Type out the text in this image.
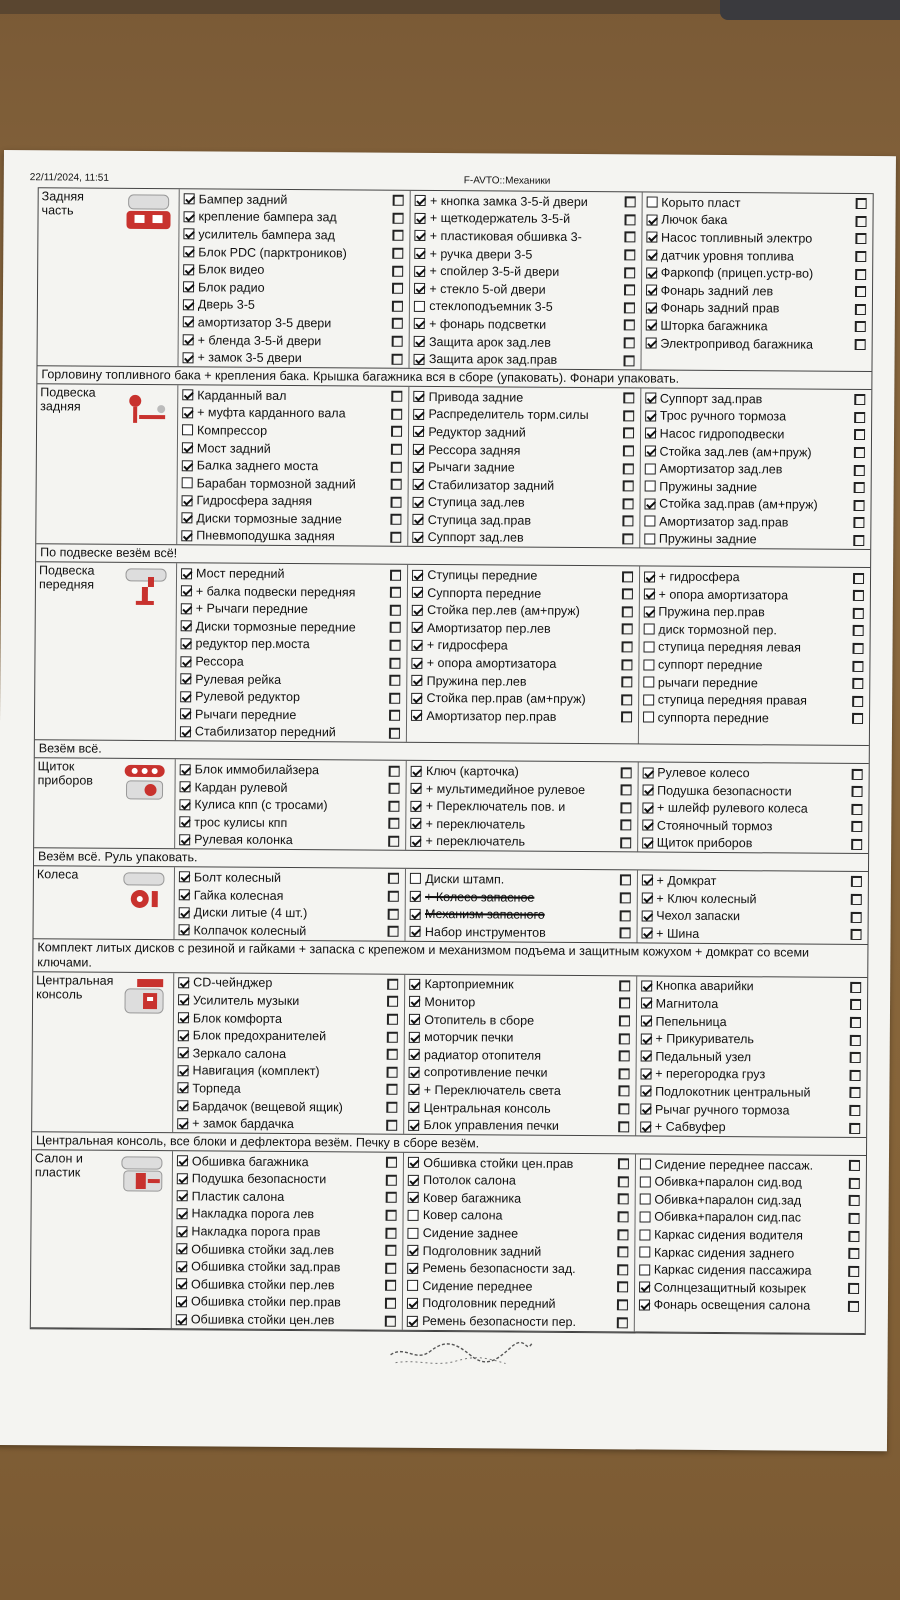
22/11/2024, 11:51	F-AVTO::Механики
Задняя часть
Бампер задний
крепление бампера зад
усилитель бампера зад
Блок PDC (парктроников)
Блок видео
Блок радио
Дверь 3-5
амортизатор 3-5 двери
+ бленда 3-5-й двери
+ замок 3-5 двери
+ кнопка замка 3-5-й двери
+ щеткодержатель 3-5-й
+ пластиковая обшивка 3-
+ ручка двери 3-5
+ спойлер 3-5-й двери
+ стекло 5-ой двери
стеклоподъемник 3-5
+ фонарь подсветки
Защита арок зад.лев
Защита арок зад.прав
Корыто пласт
Лючок бака
Насос топливный электро
датчик уровня топлива
Фаркопф (прицеп.устр-во)
Фонарь задний лев
Фонарь задний прав
Шторка багажника
Электропривод багажника
Горловину топливного бака + крепления бака. Крышка багажника вся в сборе (упаковать). Фонари упаковать.
Подвеска задняя
Карданный вал
+ муфта карданного вала
Компрессор
Мост задний
Балка заднего моста
Барабан тормозной задний
Гидросфера задняя
Диски тормозные задние
Пневмоподушка задняя
Привода задние
Распределитель торм.силы
Редуктор задний
Рессора задняя
Рычаги задние
Стабилизатор задний
Ступица зад.лев
Ступица зад.прав
Суппорт зад.лев
Суппорт зад.прав
Трос ручного тормоза
Насос гидроподвески
Стойка зад.лев (ам+пруж)
Амортизатор зад.лев
Пружины задние
Стойка зад.прав (ам+пруж)
Амортизатор зад.прав
Пружины задние
По подвеске везём всё!
Подвеска передняя
Мост передний
+ балка подвески передняя
+ Рычаги передние
Диски тормозные передние
редуктор пер.моста
Рессора
Рулевая рейка
Рулевой редуктор
Рычаги передние
Стабилизатор передний
Ступицы передние
Суппорта передние
Стойка пер.лев (ам+пруж)
Амортизатор пер.лев
+ гидросфера
+ опора амортизатора
Пружина пер.лев
Стойка пер.прав (ам+пруж)
Амортизатор пер.прав
+ гидросфера
+ опора амортизатора
Пружина пер.прав
диск тормозной пер.
ступица передняя левая
суппорт передние
рычаги передние
ступица передняя правая
суппорта передние
Везём всё.
Щиток приборов
Блок иммобилайзера
Кардан рулевой
Кулиса кпп (с тросами)
трос кулисы кпп
Рулевая колонка
Ключ (карточка)
+ мультимедийное рулевое
+ Переключатель пов. и
+ переключатель
+ переключатель
Рулевое колесо
Подушка безопасности
+ шлейф рулевого колеса
Стояночный тормоз
Щиток приборов
Везём всё. Руль упаковать.
Колеса	Болт колесный
Гайка колесная
Диски литые (4 шт.)
Колпачок колесный
Диски штамп.
+ Колесо запасное
Механизм запасного
Набор инструментов
+ Домкрат
+ Ключ колесный
Чехол запаски
+ Шина
Комплект литых дисков с резиной и гайками + запаска с крепежом и механизмом подъема и защитным кожухом + домкрат со всеми ключами.
Центральная консоль
CD-чейнджер
Усилитель музыки
Блок комфорта
Блок предохранителей
Зеркало салона
Навигация (комплект)
Торпеда
Бардачок (вещевой ящик)
+ замок бардачка
Картоприемник
Монитор
Отопитель в сборе
моторчик печки
радиатор отопителя
сопротивление печки
+ Переключатель света
Центральная консоль
Блок управления печки
Кнопка аварийки
Магнитола
Пепельница
+ Прикуриватель
Педальный узел
+ перегородка груз
Подлокотник центральный
Рычаг ручного тормоза
+ Сабвуфер
Центральная консоль, все блоки и дефлектора везём. Печку в сборе везём.
Салон и пластик
Обшивка багажника
Подушка безопасности
Пластик салона
Накладка порога лев
Накладка порога прав
Обшивка стойки зад.лев
Обшивка стойки зад.прав
Обшивка стойки пер.лев
Обшивка стойки пер.прав
Обшивка стойки цен.лев
Обшивка стойки цен.прав
Потолок салона
Ковер багажника
Ковер салона
Сидение заднее
Подголовник задний
Ремень безопасности зад.
Сидение переднее
Подголовник передний
Ремень безопасности пер.
Сидение переднее пассаж.
Обивка+паралон сид.вод
Обивка+паралон сид.зад
Обивка+паралон сид.пас
Каркас сидения водителя
Каркас сидения заднего
Каркас сидения пассажира
Солнцезащитный козырек
Фонарь освещения салона
